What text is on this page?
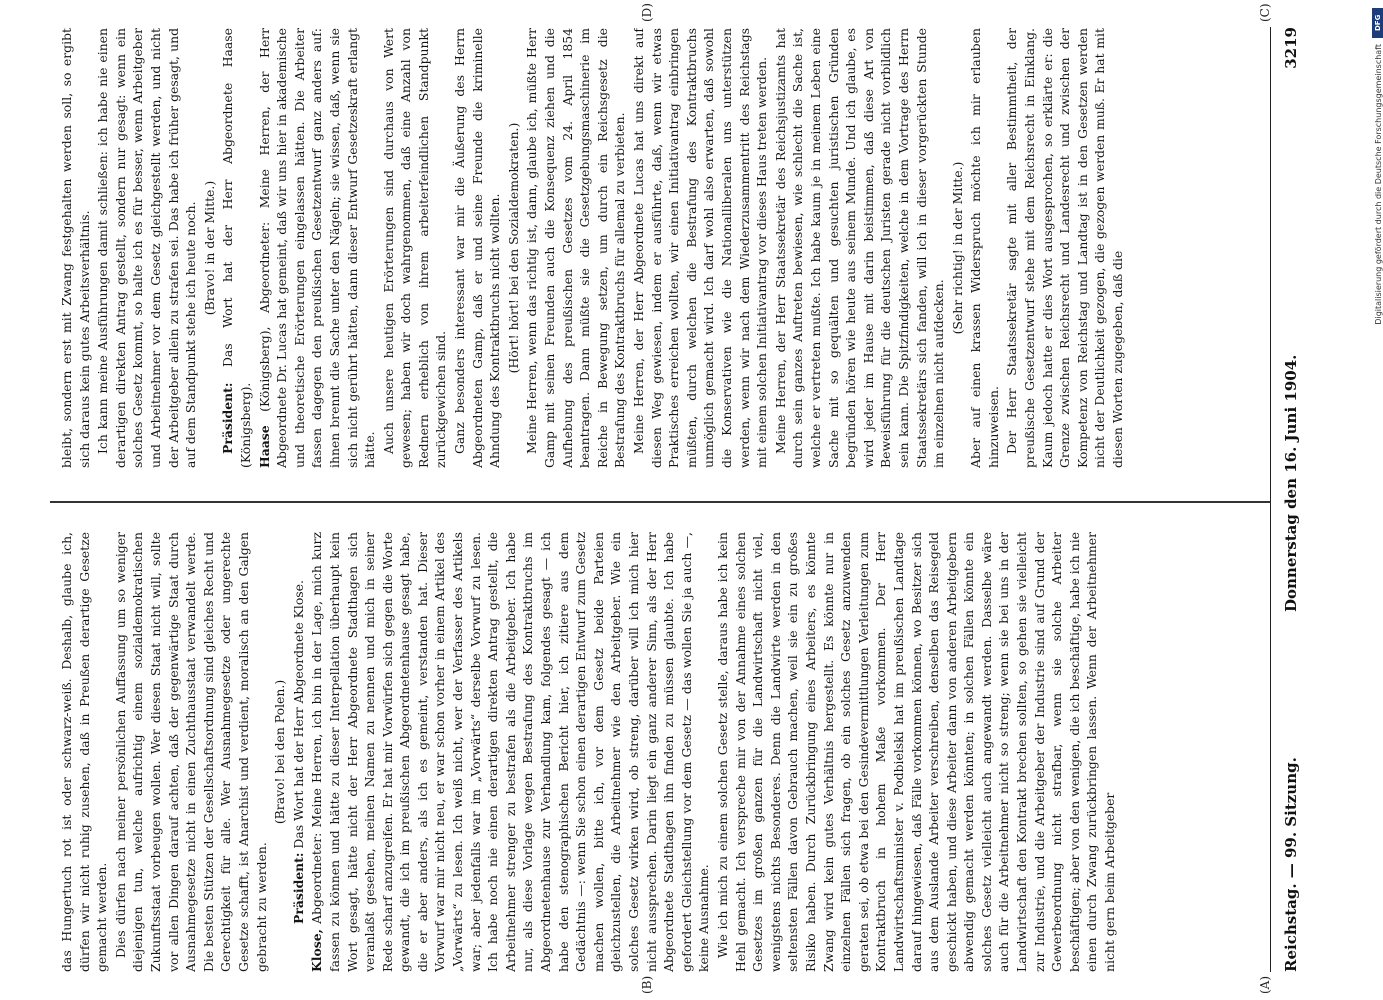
Reichstag. — 99. Sitzung.
Donnerstag den 16. Juni 1904.
3219
(A)
(B)
(C)
(D)

das Hungertuch rot ist oder schwarz-weiß. Deshalb, glaube ich, dürfen wir nicht ruhig zusehen, daß in Preußen derartige Gesetze gemacht werden. Dies dürfen nach meiner persönlichen Auffassung um so weniger diejenigen tun, welche aufrichtig einem sozialdemokratischen Zukunftsstaat vorbeugen wollen. Wer diesen Staat nicht will, sollte vor allen Dingen darauf achten, daß der gegenwärtige Staat durch Ausnahmegesetze nicht in einen Zuchthausstaat verwandelt werde. Die besten Stützen der Gesellschaftsordnung sind gleiches Recht und Gerechtigkeit für alle. Wer Ausnahmegesetze oder ungerechte Gesetze schafft, ist Anarchist und verdient, moralisch an den Galgen gebracht zu werden.

(Bravo! bei den Polen.)

Präsident: Das Wort hat der Herr Abgeordnete Klose.

Klose, Abgeordneter: Meine Herren, ich bin in der Lage, mich kurz fassen zu können und hätte zu dieser Interpellation überhaupt kein Wort gesagt, hätte nicht der Herr Abgeordnete Stadthagen sich veranlaßt gesehen, meinen Namen zu nennen und mich in seiner Rede scharf anzugreifen. Er hat mir Vorwürfen sich gegen die Worte gewandt, die ich im preußischen Abgeordnetenhause gesagt habe, die er aber anders, als ich es gemeint, verstanden hat. Dieser Vorwurf war mir nicht neu, er war schon vorher in einem Artikel des „Vorwärts“ zu lesen. Ich weiß nicht, wer der Verfasser des Artikels war; aber jedenfalls war im „Vorwärts“ derselbe Vorwurf zu lesen. Ich habe noch nie einen derartigen direkten Antrag gestellt, die Arbeitnehmer strenger zu bestrafen als die Arbeitgeber. Ich habe nur, als diese Vorlage wegen Bestrafung des Kontraktbruchs im Abgeordnetenhause zur Verhandlung kam, folgendes gesagt — ich habe den stenographischen Bericht hier, ich zitiere aus dem Gedächtnis —: wenn Sie schon einen derartigen Entwurf zum Gesetz machen wollen, bitte ich, vor dem Gesetz beide Parteien gleichzustellen, die Arbeitnehmer wie den Arbeitgeber. Wie ein solches Gesetz wirken wird, ob streng, darüber will ich mich hier nicht aussprechen. Darin liegt ein ganz anderer Sinn, als der Herr Abgeordnete Stadthagen ihn finden zu müssen glaubte. Ich habe gefordert Gleichstellung vor dem Gesetz — das wollen Sie ja auch —, keine Ausnahme. Wie ich mich zu einem solchen Gesetz stelle, daraus habe ich kein Hehl gemacht. Ich verspreche mir von der Annahme eines solchen Gesetzes im großen ganzen für die Landwirtschaft nicht viel, wenigstens nichts Besonderes. Denn die Landwirte werden in den seltensten Fällen davon Gebrauch machen, weil sie ein zu großes Risiko haben. Durch Zurückbringung eines Arbeiters, es könnte Zwang wird kein gutes Verhältnis hergestellt. Es könnte nur in einzelnen Fällen sich fragen, ob ein solches Gesetz anzuwenden geraten sei, ob etwa bei den Gesindevermittlungen Verleitungen zum Kontraktbruch in hohem Maße vorkommen. Der Herr Landwirtschaftsminister v. Podbielski hat im preußischen Landtage darauf hingewiesen, daß Fälle vorkommen können, wo Besitzer sich aus dem Auslande Arbeiter verschreiben, denselben das Reisegeld geschickt haben, und diese Arbeiter dann von anderen Arbeitgebern abwendig gemacht werden könnten; in solchen Fällen könnte ein solches Gesetz vielleicht auch angewandt werden. Dasselbe wäre auch für die Arbeitnehmer nicht so streng; wenn sie bei uns in der Landwirtschaft den Kontrakt brechen sollten, so gehen sie vielleicht zur Industrie, und die Arbeitgeber der Industrie sind auf Grund der Gewerbeordnung nicht strafbar, wenn sie solche Arbeiter beschäftigen; aber von den wenigen, die ich beschäftige, habe ich nie einen durch Zwang zurückbringen lassen. Wenn der Arbeitnehmer nicht gern beim Arbeitgeber

bleibt, sondern erst mit Zwang festgehalten werden soll, so ergibt sich daraus kein gutes Arbeitsverhältnis. Ich kann meine Ausführungen damit schließen: ich habe nie einen derartigen direkten Antrag gestellt, sondern nur gesagt: wenn ein solches Gesetz kommt, so halte ich es für besser, wenn Arbeitgeber und Arbeitnehmer vor dem Gesetz gleichgestellt werden, und nicht der Arbeitgeber allein zu strafen sei. Das habe ich früher gesagt, und auf dem Standpunkt stehe ich heute noch. (Bravo! in der Mitte.)

Präsident: Das Wort hat der Herr Abgeordnete Haase (Königsberg). Haase (Königsberg), Abgeordneter: Meine Herren, der Herr Abgeordnete Dr. Lucas hat gemeint, daß wir uns hier in akademische und theoretische Erörterungen eingelassen hätten. Die Arbeiter fassen dagegen den preußischen Gesetzentwurf ganz anders auf: ihnen brennt die Sache unter den Nägeln; sie wissen, daß, wenn sie sich nicht gerührt hätten, dann dieser Entwurf Gesetzeskraft erlangt hätte. Auch unsere heutigen Erörterungen sind durchaus von Wert gewesen; haben wir doch wahrgenommen, daß eine Anzahl von Rednern erheblich von ihrem arbeiterfeindlichen Standpunkt zurückgewichen sind. Ganz besonders interessant war mir die Äußerung des Herrn Abgeordneten Gamp, daß er und seine Freunde die kriminelle Ahndung des Kontraktbruchs nicht wollten. (Hört! hört! bei den Sozialdemokraten.) Meine Herren, wenn das richtig ist, dann, glaube ich, müßte Herr Gamp mit seinen Freunden auch die Konsequenz ziehen und die Aufhebung des preußischen Gesetzes vom 24. April 1854 beantragen. Dann müßte sie die Gesetzgebungsmaschinerie im Reiche in Bewegung setzen, um durch ein Reichsgesetz die Bestrafung des Kontraktbruchs für allemal zu verbieten. Meine Herren, der Herr Abgeordnete Lucas hat uns direkt auf diesen Weg gewiesen, indem er ausführte, daß, wenn wir etwas Praktisches erreichen wollten, wir einen Initiativantrag einbringen müßten, durch welchen die Bestrafung des Kontraktbruchs unmöglich gemacht wird. Ich darf wohl also erwarten, daß sowohl die Konservativen wie die Nationalliberalen uns unterstützen werden, wenn wir nach dem Wiederzusammentritt des Reichstags mit einem solchen Initiativantrag vor dieses Haus treten werden. Meine Herren, der Herr Staatssekretär des Reichsjustizamts hat durch sein ganzes Auftreten bewiesen, wie schlecht die Sache ist, welche er vertreten mußte. Ich habe kaum je in meinem Leben eine Sache mit so gequälten und gesuchten juristischen Gründen begründen hören wie heute aus seinem Munde. Und ich glaube, es wird jeder im Hause mit darin beistimmen, daß diese Art von Beweisführung für die deutschen Juristen gerade nicht vorbildlich sein kann. Die Spitzfindigkeiten, welche in dem Vortrage des Herrn Staatssekretärs sich fanden, will ich in dieser vorgerückten Stunde im einzelnen nicht aufdecken.

(Sehr richtig! in der Mitte.) Aber auf einen krassen Widerspruch möchte ich mir erlauben hinzuweisen. Der Herr Staatssekretär sagte mit aller Bestimmtheit, der preußische Gesetzentwurf stehe mit dem Reichsrecht in Einklang. Kaum jedoch hatte er dies Wort ausgesprochen, so erklärte er: die Grenze zwischen Reichsrecht und Landesrecht und zwischen der Kompetenz von Reichstag und Landtag ist in den Gesetzen werden nicht der Deutlichkeit gezogen, die gezogen werden muß. Er hat mit diesen Worten zugegeben, daß die

DFG
Digitalisierung gefördert durch die Deutsche Forschungsgemeinschaft
